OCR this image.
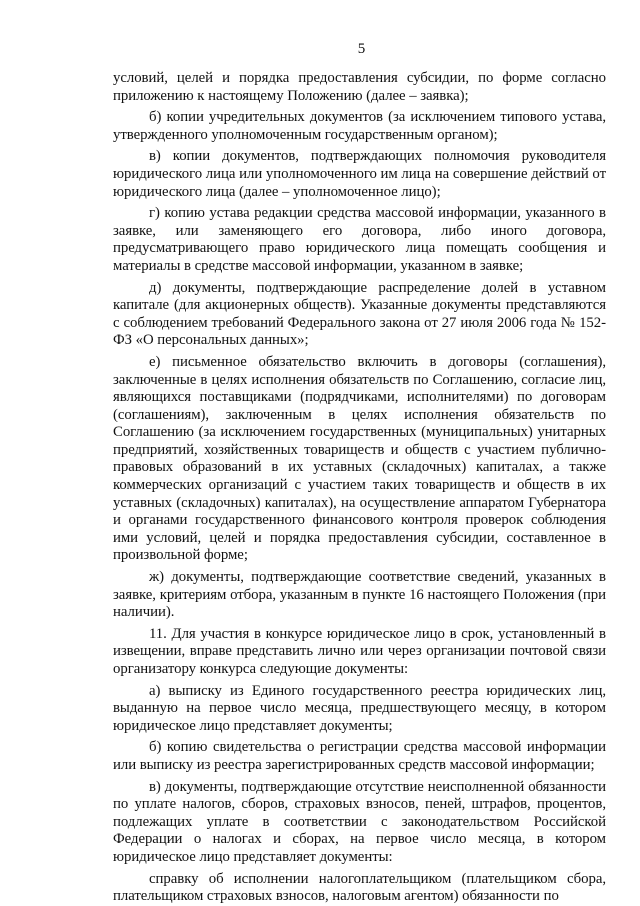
5

условий, целей и порядка предоставления субсидии, по форме согласно приложению к настоящему Положению (далее – заявка);

б) копии учредительных документов (за исключением типового устава, утвержденного уполномоченным государственным органом);

в) копии документов, подтверждающих полномочия руководителя юридического лица или уполномоченного им лица на совершение действий от юридического лица (далее – уполномоченное лицо);

г) копию устава редакции средства массовой информации, указанного в заявке, или заменяющего его договора, либо иного договора, предусматривающего право юридического лица помещать сообщения и материалы в средстве массовой информации, указанном в заявке;

д) документы, подтверждающие распределение долей в уставном капитале (для акционерных обществ). Указанные документы представляются с соблюдением требований Федерального закона от 27 июля 2006 года № 152-ФЗ «О персональных данных»;

е) письменное обязательство включить в договоры (соглашения), заключенные в целях исполнения обязательств по Соглашению, согласие лиц, являющихся поставщиками (подрядчиками, исполнителями) по договорам (соглашениям), заключенным в целях исполнения обязательств по Соглашению (за исключением государственных (муниципальных) унитарных предприятий, хозяйственных товариществ и обществ с участием публично-правовых образований в их уставных (складочных) капиталах, а также коммерческих организаций с участием таких товариществ и обществ в их уставных (складочных) капиталах), на осуществление аппаратом Губернатора и органами государственного финансового контроля проверок соблюдения ими условий, целей и порядка предоставления субсидии, составленное в произвольной форме;

ж) документы, подтверждающие соответствие сведений, указанных в заявке, критериям отбора, указанным в пункте 16 настоящего Положения (при наличии).

11. Для участия в конкурсе юридическое лицо в срок, установленный в извещении, вправе представить лично или через организации почтовой связи организатору конкурса следующие документы:

а) выписку из Единого государственного реестра юридических лиц, выданную на первое число месяца, предшествующего месяцу, в котором юридическое лицо представляет документы;

б) копию свидетельства о регистрации средства массовой информации или выписку из реестра зарегистрированных средств массовой информации;

в) документы, подтверждающие отсутствие неисполненной обязанности по уплате налогов, сборов, страховых взносов, пеней, штрафов, процентов, подлежащих уплате в соответствии с законодательством Российской Федерации о налогах и сборах, на первое число месяца, в котором юридическое лицо представляет документы:

справку об исполнении налогоплательщиком (плательщиком сбора, плательщиком страховых взносов, налоговым агентом) обязанности по
